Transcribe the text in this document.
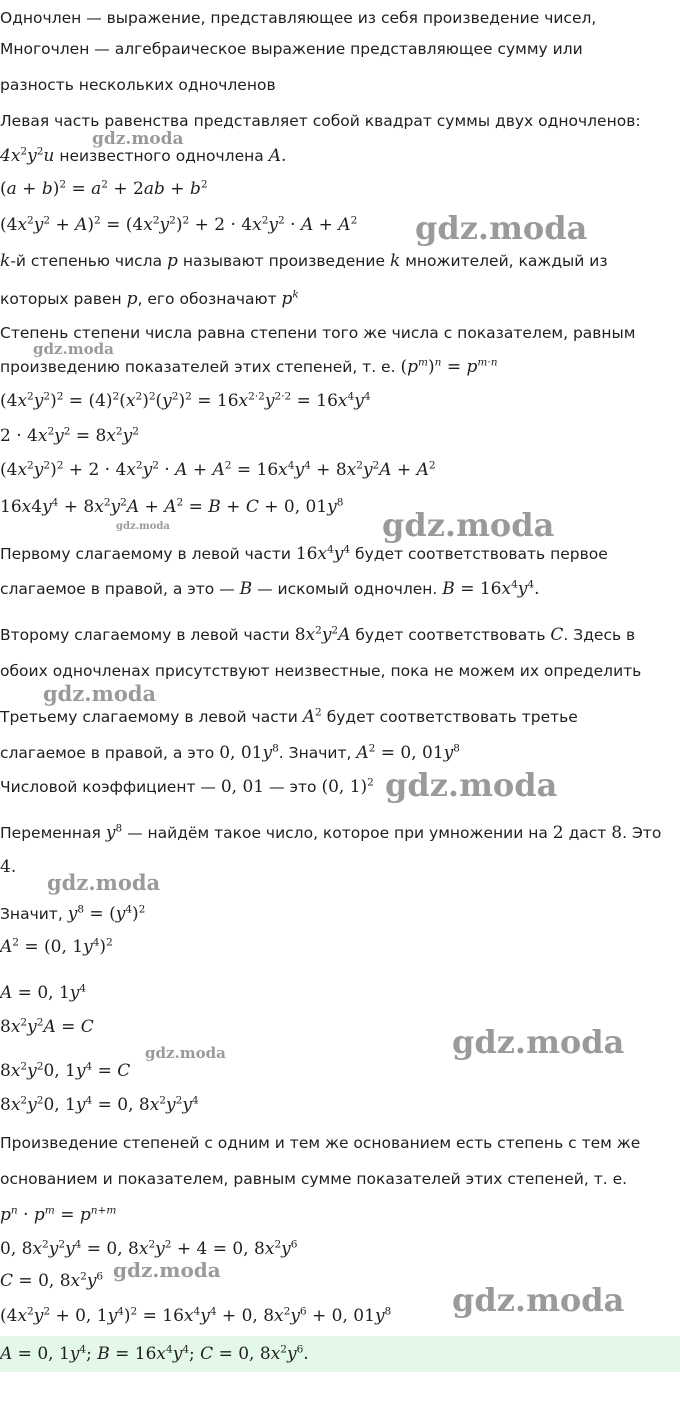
Одночлен — выражение, представляющее из себя произведение чисел,
Многочлен — алгебраическое выражение представляющее сумму или
разность нескольких одночленов
Левая часть равенства представляет собой квадрат суммы двух одночленов:
$4x^2y^2u$ неизвестного одночлена A.
$(a + b)^2 = a^2 + 2ab + b^2$
$(4x^2y^2 + A)^2 = (4x^2y^2)^2 + 2 \cdot 4x^2y^2 \cdot A + A^2$
k-й степенью числа p называют произведение k множителей, каждый из
которых равен p, его обозначают $p^k$
Степень степени числа равна степени того же числа с показателем, равным
произведению показателей этих степеней, т. е. $(p^m)^n = p^{m\cdot n}$
$(4x^2y^2)^2 = (4)^2(x^2)^2(y^2)^2 = 16x^{2\cdot 2}y^{2\cdot 2} = 16x^4y^4$
$2 \cdot 4x^2y^2 = 8x^2y^2$
$(4x^2y^2)^2 + 2 \cdot 4x^2y^2 \cdot A + A^2 = 16x^4y^4 + 8x^2y^2A + A^2$
$16x4y^4 + 8x^2y^2A + A^2 = B + C + 0$, $01y^8$
Первому слагаемому в левой части $16x^4y^4$ будет соответствовать первое
слагаемое в правой, а это — B — искомый одночлен. $B = 16x^4y^4$.
Второму слагаемому в левой части $8x^2y^2A$ будет соответствовать C. Здесь в
обоих одночленах присутствуют неизвестные, пока не можем их определить
Третьему слагаемому в левой части $A^2$ будет соответствовать третье
слагаемое в правой, а это 0, $01y^8$. Значит, $A^2 = 0$, $01y^8$
Числовой коэффициент — 0, 01 — это (0, 1)$^2$
Переменная $y^8$ — найдём такое число, которое при умножении на 2 даст 8. Это
4.
Значит, $y^8 = (y^4)^2$
$A^2 = (0$, $1y^4)^2$
A = 0, $1y^4$
$8x^2y^2A = C$
$8x^2y^20$, $1y^4 = C$
$8x^2y^20$, $1y^4 = 0$, $8x^2y^2y^4$
Произведение степеней с одним и тем же основанием есть степень с тем же
основанием и показателем, равным сумме показателей этих степеней, т. е.
$p^n \cdot p^m = p^{n+m}$
0, $8x^2y^2y^4 = 0$, $8x^2y^2 + 4 = 0$, $8x^2y^6$
C = 0, $8x^2y^6$
($4x^2y^2 + 0$, $1y^4)^2 = 16x^4y^4 + 0$, $8x^2y^6 + 0$, $01y^8$
A = 0, $1y^4$; $B = 16x^4y^4$; C = 0, $8x^2y^6$.
gdz.moda
gdz.moda
gdz.moda
gdz.moda
gdz.moda
gdz.moda
gdz.moda
gdz.moda
gdz.moda
gdz.moda
gdz.moda
gdz.moda
